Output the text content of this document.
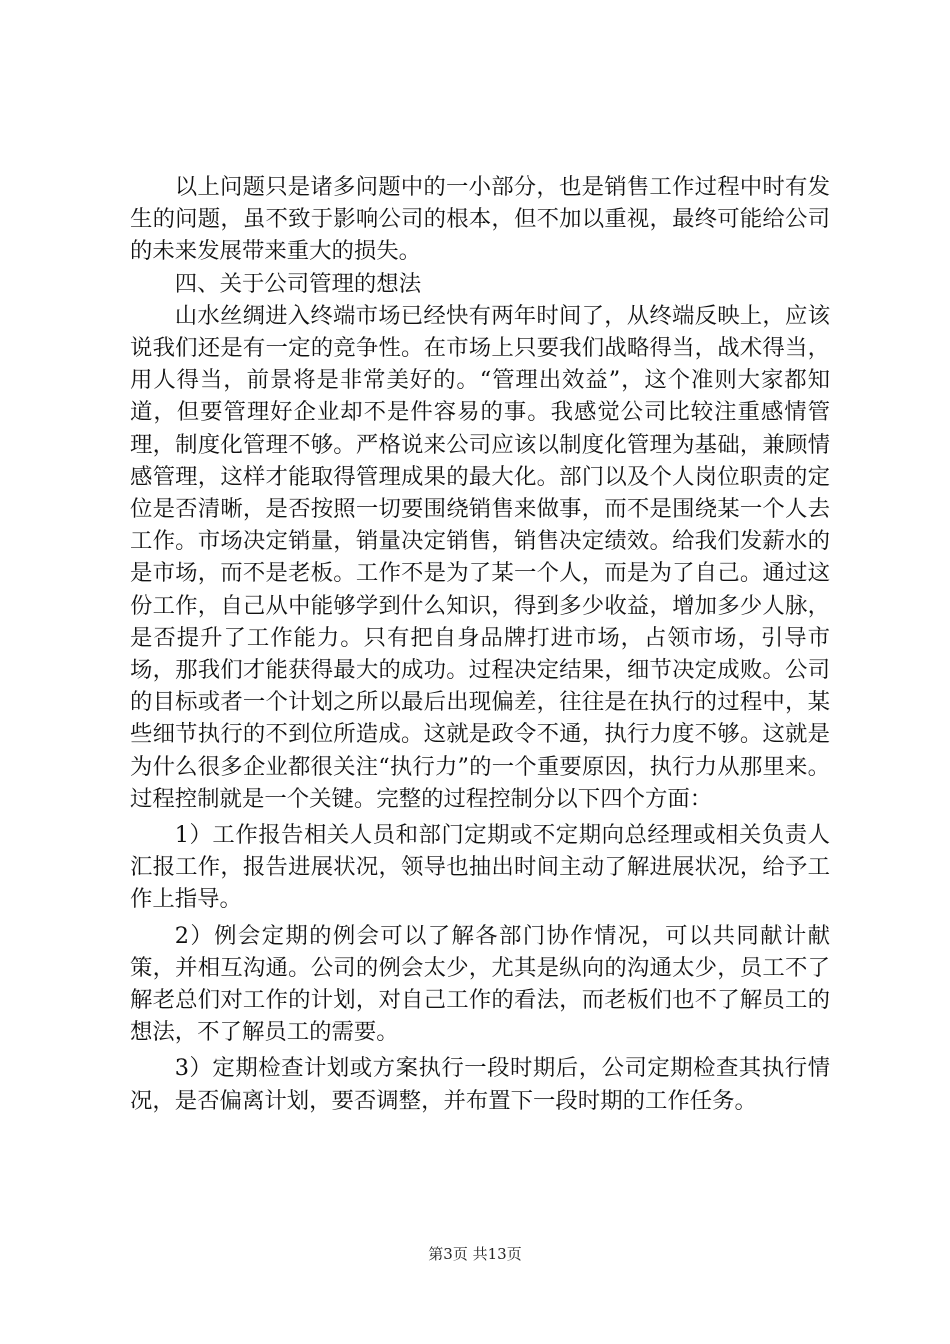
以上问题只是诸多问题中的一小部分，也是销售工作过程中时有发生的问题，虽不致于影响公司的根本，但不加以重视，最终可能给公司的未来发展带来重大的损失。

四、关于公司管理的想法

山水丝绸进入终端市场已经快有两年时间了，从终端反映上，应该说我们还是有一定的竞争性。在市场上只要我们战略得当，战术得当，用人得当，前景将是非常美好的。“管理出效益”，这个准则大家都知道，但要管理好企业却不是件容易的事。我感觉公司比较注重感情管理，制度化管理不够。严格说来公司应该以制度化管理为基础，兼顾情感管理，这样才能取得管理成果的最大化。部门以及个人岗位职责的定位是否清晰，是否按照一切要围绕销售来做事，而不是围绕某一个人去工作。市场决定销量，销量决定销售，销售决定绩效。给我们发薪水的是市场，而不是老板。工作不是为了某一个人，而是为了自己。通过这份工作，自己从中能够学到什么知识，得到多少收益，增加多少人脉，是否提升了工作能力。只有把自身品牌打进市场，占领市场，引导市场，那我们才能获得最大的成功。过程决定结果，细节决定成败。公司的目标或者一个计划之所以最后出现偏差，往往是在执行的过程中，某些细节执行的不到位所造成。这就是政令不通，执行力度不够。这就是为什么很多企业都很关注“执行力”的一个重要原因，执行力从那里来。过程控制就是一个关键。完整的过程控制分以下四个方面：

1）工作报告相关人员和部门定期或不定期向总经理或相关负责人汇报工作，报告进展状况，领导也抽出时间主动了解进展状况，给予工作上指导。

2）例会定期的例会可以了解各部门协作情况，可以共同献计献策，并相互沟通。公司的例会太少，尤其是纵向的沟通太少，员工不了解老总们对工作的计划，对自己工作的看法，而老板们也不了解员工的想法，不了解员工的需要。

3）定期检查计划或方案执行一段时期后，公司定期检查其执行情况，是否偏离计划，要否调整，并布置下一段时期的工作任务。

第3页 共13页
